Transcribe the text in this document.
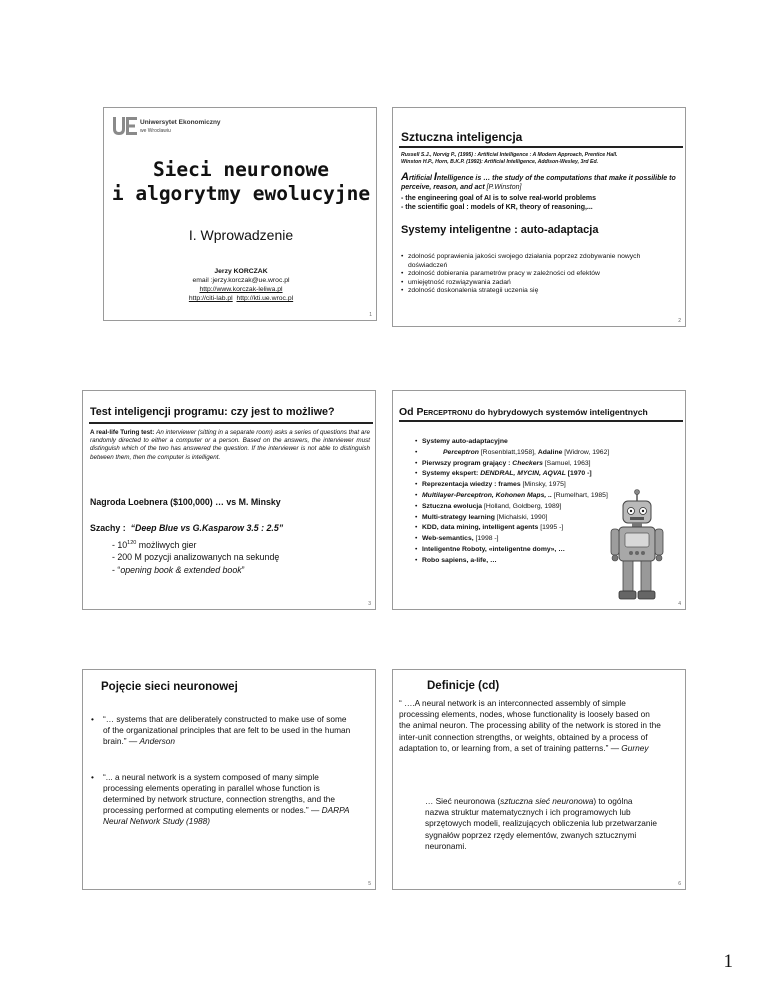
Uniwersytet Ekonomiczny
we Wrocławiu
Sieci neuronowe
i algorytmy ewolucyjne
I. Wprowadzenie
Jerzy KORCZAK
email :jerzy.korczak@ue.wroc.pl
http://www.korczak-leliwa.pl
http://citi-lab.pl http://kti.ue.wroc.pl
1
Sztuczna inteligencja
Russell S.J., Norvig P., (1995) : Artificial Intelligence : A Modern Approach, Prentice Hall.
Winston H.P., Horn, B.K.P. (1992): Artificial Intelligence, Addison-Wesley, 3rd Ed.
Artificial Intelligence is … the study of the computations that make it possilible to perceive, reason, and act [P.Winston]
- the engineering goal of AI is to solve real-world problems
- the scientific goal : models of KR, theory of reasoning,...
Systemy inteligentne : auto-adaptacja
• zdolność poprawienia jakości swojego działania poprzez zdobywanie nowych doświadczeń
• zdolność dobierania parametrów pracy w zależności od efektów
• umiejętność rozwiązywania zadań
• zdolność doskonalenia strategii uczenia się
2
Test inteligencji programu: czy jest to możliwe?
A real-life Turing test: An interviewer (sitting in a separate room) asks a series of questions that are randomly directed to either a computer or a person. Based on the answers, the interviewer must distinguish which of the two has answered the question. If the interviewer is not able to distinguish between them, then the computer is intelligent.
Nagroda Loebnera ($100,000) … vs M. Minsky
Szachy : “Deep Blue vs G.Kasparow 3.5 : 2.5”
- $10^{120}$ możliwych gier
- 200 M pozycji analizowanych na sekundę
- “opening book & extended book”
3
Od PERCEPTRONU do hybrydowych systemów inteligentnych
• Systemy auto-adaptacyjne
• Perceptron [Rosenblatt,1958], Adaline [Widrow, 1962]
• Pierwszy program grający : Checkers [Samuel, 1963]
• Systemy ekspert: DENDRAL, MYCIN, AQVAL [1970 -]
• Reprezentacja wiedzy : frames [Minsky, 1975]
• Multilayer-Perceptron, Kohonen Maps, .. [Rumelhart, 1985]
• Sztuczna ewolucja [Holland, Goldberg, 1989]
• Multi-strategy learning [Michalski, 1990]
• KDD, data mining, intelligent agents [1995 -]
• Web-semantics, [1998 -]
• Inteligentne Roboty, «inteligentne domy», …
• Robo sapiens, a-life, …
4
Pojęcie sieci neuronowej
• “… systems that are deliberately constructed to make use of some of the organizational principles that are felt to be used in the human brain.” — Anderson
• “... a neural network is a system composed of many simple processing elements operating in parallel whose function is determined by network structure, connection strengths, and the processing performed at computing elements or nodes.” — DARPA Neural Network Study (1988)
5
Definicje (cd)
“ ….A neural network is an interconnected assembly of simple processing elements, nodes, whose functionality is loosely based on the animal neuron. The processing ability of the network is stored in the inter-unit connection strengths, or weights, obtained by a process of adaptation to, or learning from, a set of training patterns.” — Gurney
… Sieć neuronowa (sztuczna sieć neuronowa) to ogólna nazwa struktur matematycznych i ich programowych lub sprzętowych modeli, realizujących obliczenia lub przetwarzanie sygnałów poprzez rzędy elementów, zwanych sztucznymi neuronami.
6
1
